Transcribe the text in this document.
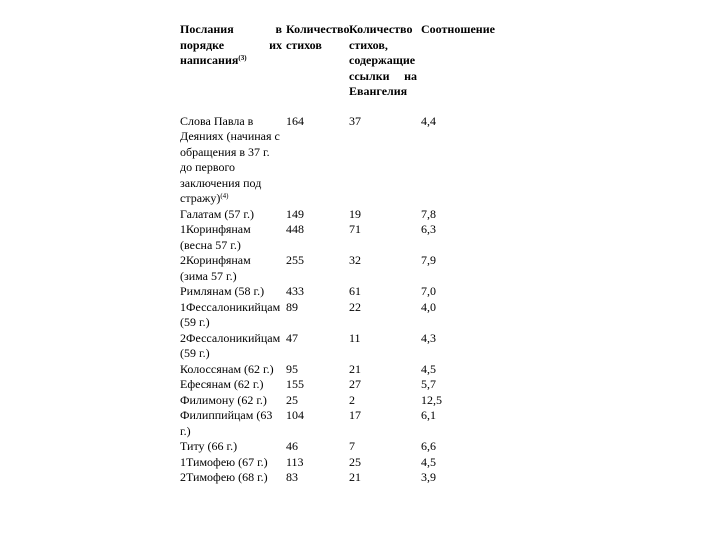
Послания в порядке их написания$^{(3)}$	Количество стихов	Количество стихов, содержащие ссылки на Евангелия	Соотношение
Слова Павла в Деяниях (начиная с обращения в 37 г. до первого заключения под стражу)$^{(4)}$	164	37	4,4
Галатам (57 г.)	149	19	7,8
1Коринфянам (весна 57 г.)	448	71	6,3
2Коринфянам (зима 57 г.)	255	32	7,9
Римлянам (58 г.)	433	61	7,0
1Фессалоникийцам (59 г.)	89	22	4,0
2Фессалоникийцам (59 г.)	47	11	4,3
Колоссянам (62 г.)	95	21	4,5
Ефесянам (62 г.)	155	27	5,7
Филимону (62 г.)	25	2	12,5
Филиппийцам (63 г.)	104	17	6,1
Титу (66 г.)	46	7	6,6
1Тимофею (67 г.)	113	25	4,5
2Тимофею (68 г.)	83	21	3,9
